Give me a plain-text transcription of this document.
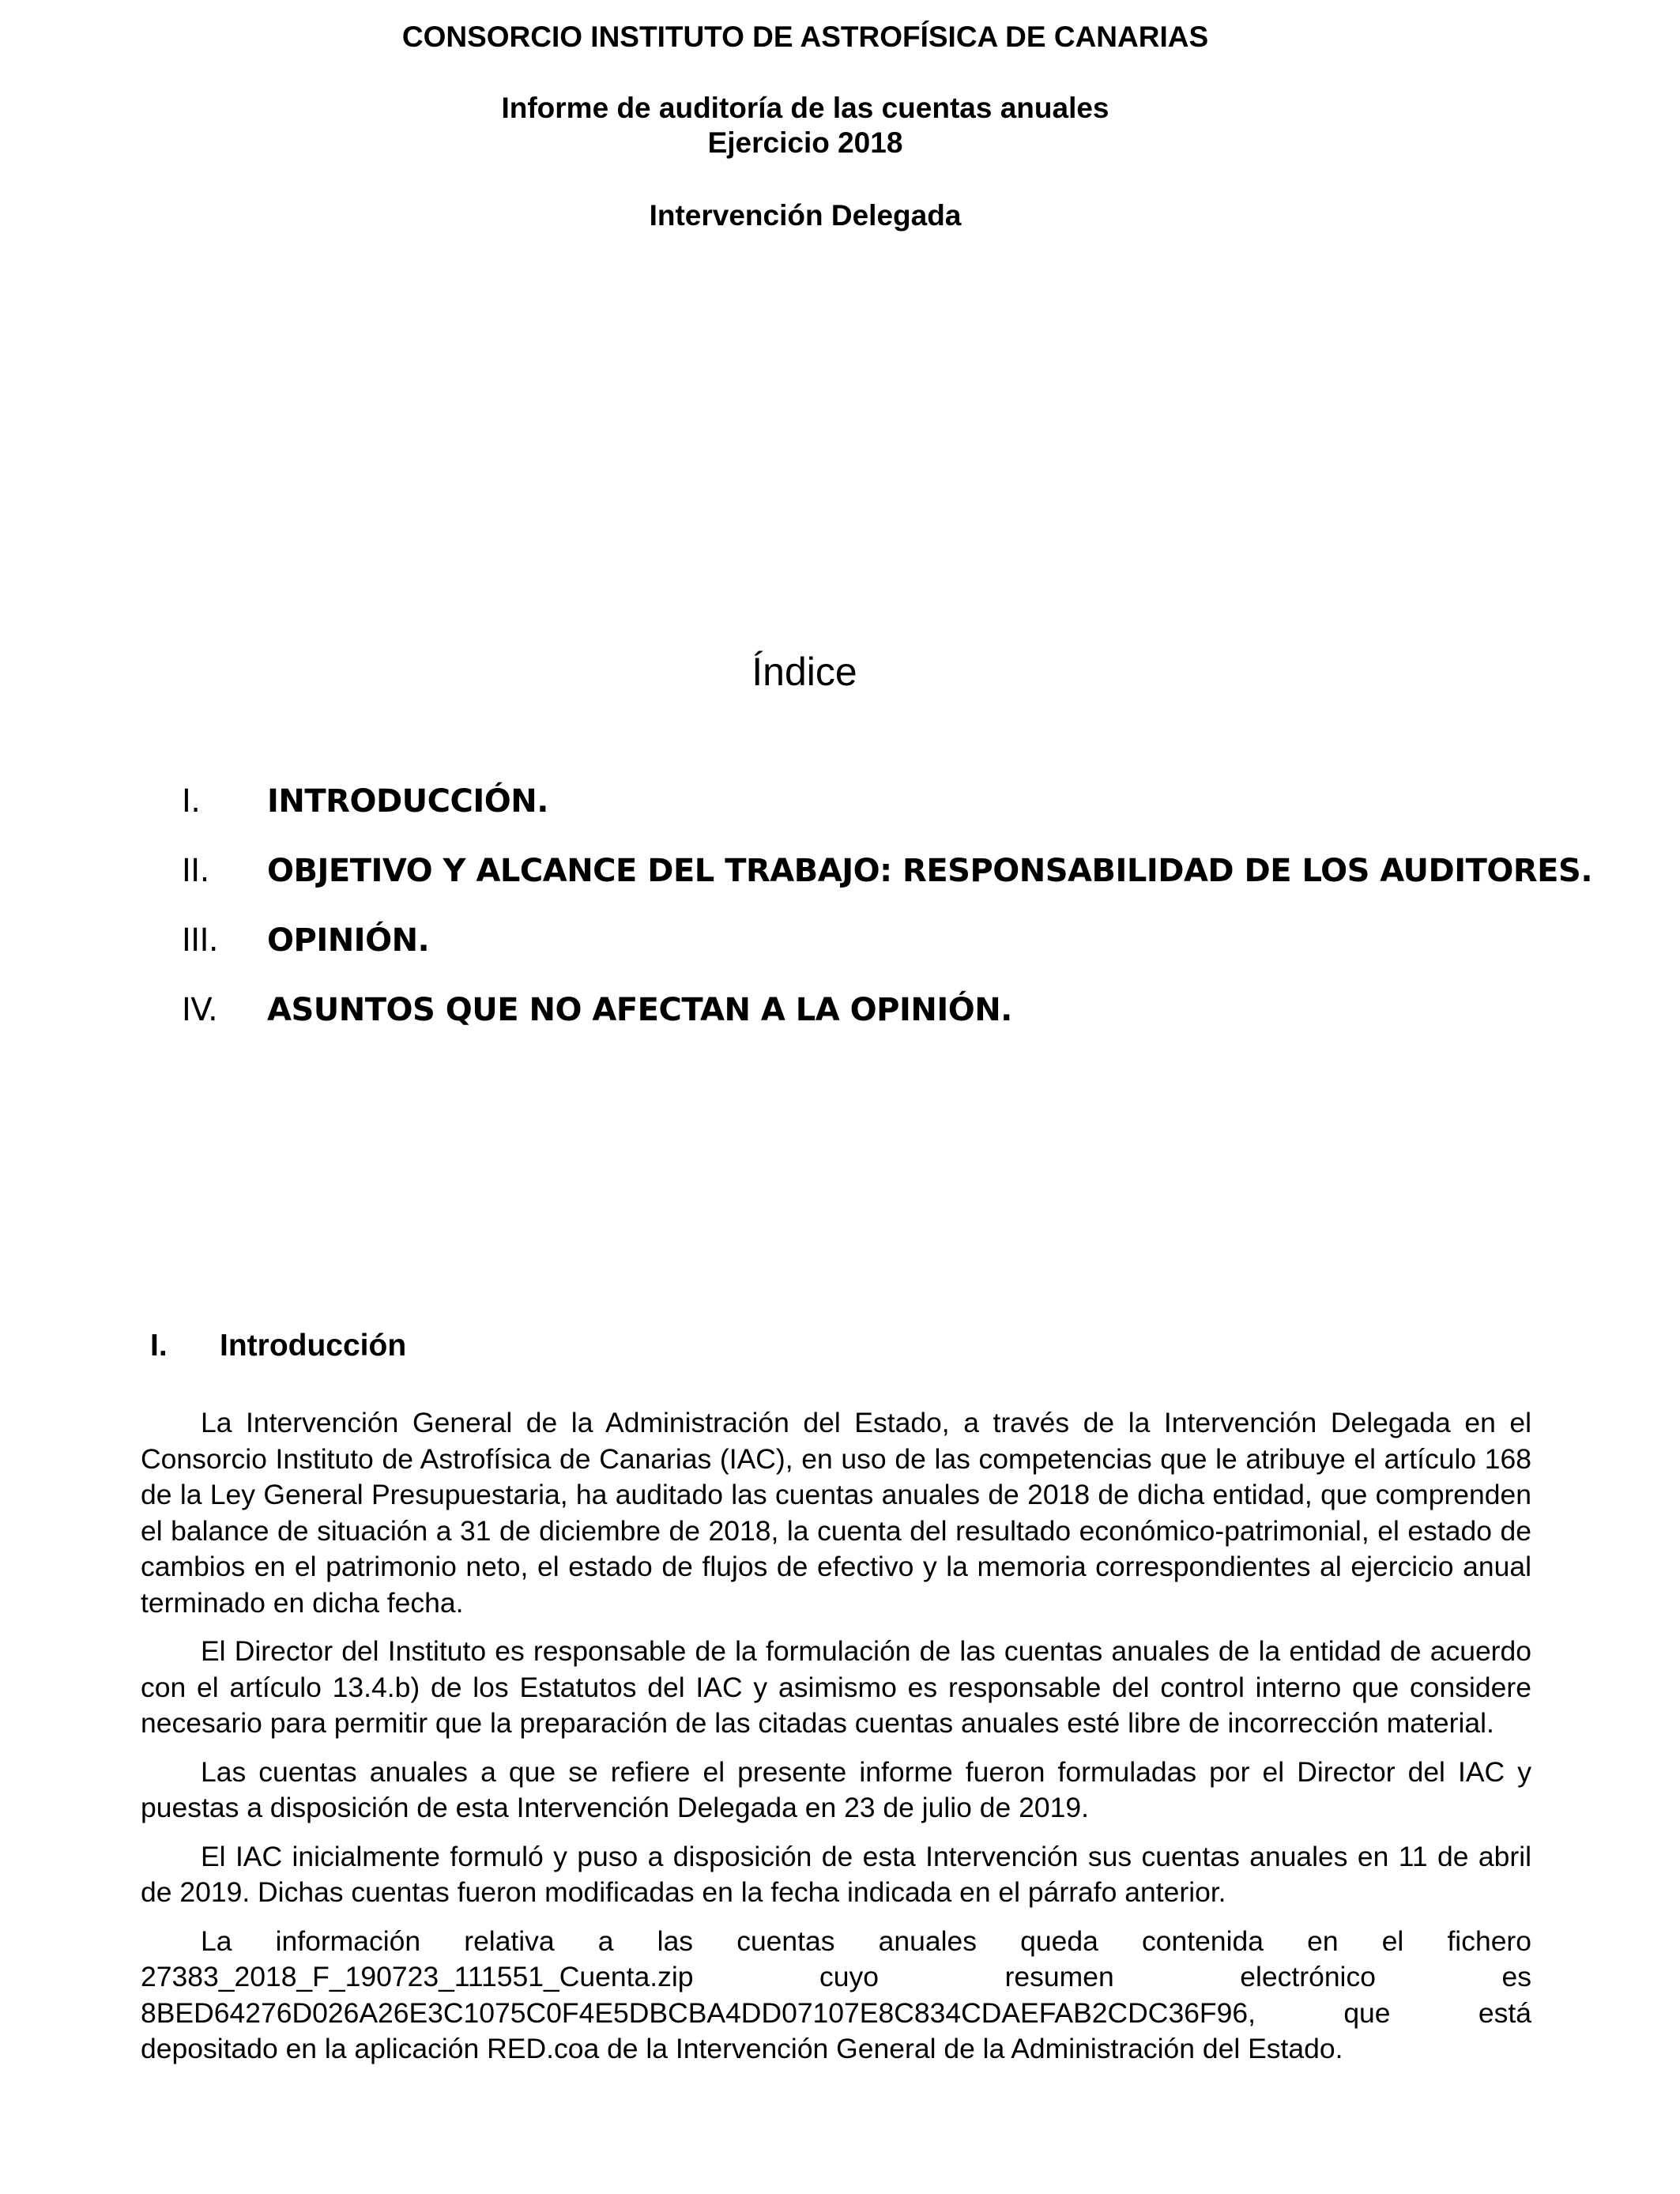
CONSORCIO INSTITUTO DE ASTROFÍSICA DE CANARIAS
Informe de auditoría de las cuentas anuales
Ejercicio 2018
Intervención Delegada
Índice
I.	INTRODUCCIÓN.
II.	OBJETIVO Y ALCANCE DEL TRABAJO: RESPONSABILIDAD DE LOS AUDITORES.
III.	OPINIÓN.
IV.	ASUNTOS QUE NO AFECTAN A LA OPINIÓN.
I.	Introducción

La Intervención General de la Administración del Estado, a través de la Intervención Delegada en el Consorcio Instituto de Astrofísica de Canarias (IAC), en uso de las competencias que le atribuye el artículo 168 de la Ley General Presupuestaria, ha auditado las cuentas anuales de 2018 de dicha entidad, que comprenden el balance de situación a 31 de diciembre de 2018, la cuenta del resultado económico-patrimonial, el estado de cambios en el patrimonio neto, el estado de flujos de efectivo y la memoria correspondientes al ejercicio anual terminado en dicha fecha.

El Director del Instituto es responsable de la formulación de las cuentas anuales de la entidad de acuerdo con el artículo 13.4.b) de los Estatutos del IAC y asimismo es responsable del control interno que considere necesario para permitir que la preparación de las citadas cuentas anuales esté libre de incorrección material.

Las cuentas anuales a que se refiere el presente informe fueron formuladas por el Director del IAC y puestas a disposición de esta Intervención Delegada en 23 de julio de 2019.

El IAC inicialmente formuló y puso a disposición de esta Intervención sus cuentas anuales en 11 de abril de 2019. Dichas cuentas fueron modificadas en la fecha indicada en el párrafo anterior.

La información relativa a las cuentas anuales queda contenida en el fichero
27383_2018_F_190723_111551_Cuenta.zip cuyo resumen electrónico es
8BED64276D026A26E3C1075C0F4E5DBCBA4DD07107E8C834CDAEFAB2CDC36F96, que está
depositado en la aplicación RED.coa de la Intervención General de la Administración del Estado.
